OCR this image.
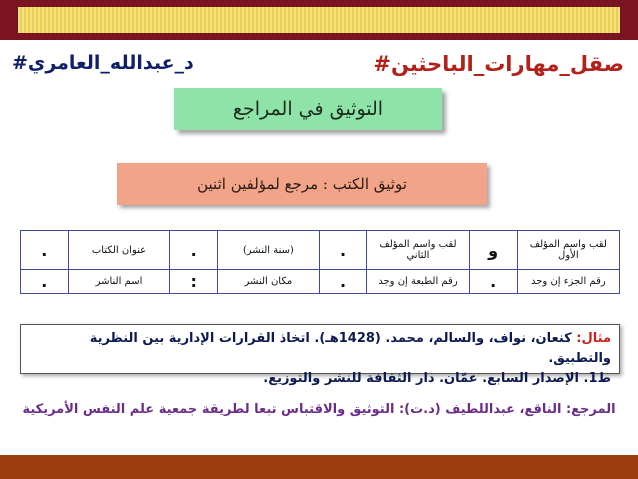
#د_عبدالله_العامري	#صقل_مهارات_الباحثين
التوثيق في المراجع
توثيق الكتب : مرجع لمؤلفين اثنين
لقب واسم المؤلف الأول	و	لقب واسم المؤلف الثاني	.	(سنة النشر)	.	عنوان الكتاب	.
رقم الجزء إن وجد	.	رقم الطبعة إن وجد	.	مكان النشر	:	اسم الناشر	.
مثال: كنعان، نواف، والسالم، محمد. (1428هـ). اتخاذ القرارات الإدارية بين النظرية والتطبيق.
ط1. الإصدار السابع. عمّان. دار الثقافة للنشر والتوزيع.
المرجع: الناقع، عبداللطيف (د.ت): التوثيق والاقتباس تبعا لطريقة جمعية علم النفس الأمريكية
